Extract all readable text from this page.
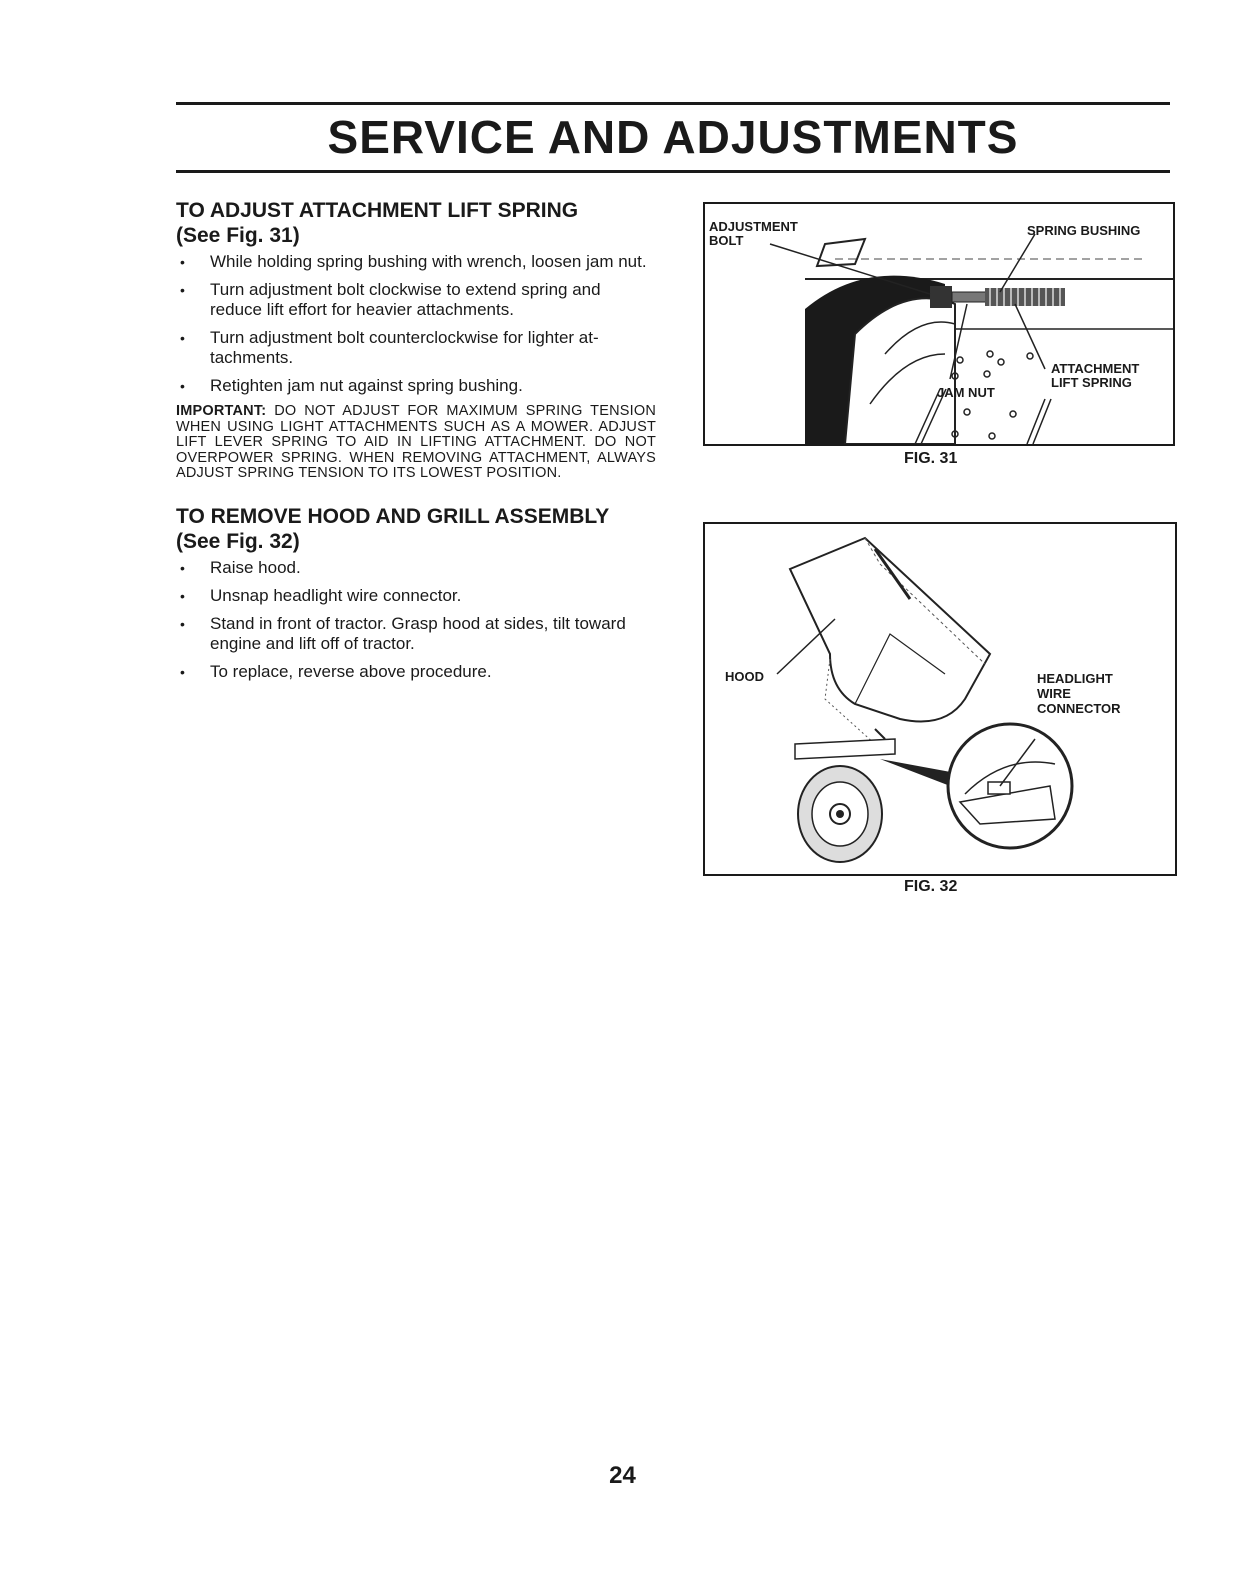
SERVICE AND ADJUSTMENTS
TO ADJUST ATTACHMENT LIFT SPRING
(See Fig. 31)
• While holding spring bushing with wrench, loosen jam nut.
• Turn adjustment bolt clockwise to extend spring and reduce lift effort for heavier attachments.
• Turn adjustment bolt counterclockwise for lighter at-tachments.
• Retighten jam nut against spring bushing.

IMPORTANT: DO NOT ADJUST FOR MAXIMUM SPRING TENSION WHEN USING LIGHT ATTACHMENTS SUCH AS A MOWER. ADJUST LIFT LEVER SPRING TO AID IN LIFTING ATTACHMENT. DO NOT OVERPOWER SPRING. WHEN REMOVING ATTACHMENT, ALWAYS ADJUST SPRING TENSION TO ITS LOWEST POSITION.

TO REMOVE HOOD AND GRILL ASSEMBLY
(See Fig. 32)
• Raise hood.
• Unsnap headlight wire connector.
• Stand in front of tractor. Grasp hood at sides, tilt toward engine and lift off of tractor.
• To replace, reverse above procedure.
ADJUSTMENT
BOLT
SPRING BUSHING
ATTACHMENT
LIFT SPRING
JAM NUT
FIG. 31
HOOD	HEADLIGHT
WIRE
CONNECTOR
FIG. 32
24
